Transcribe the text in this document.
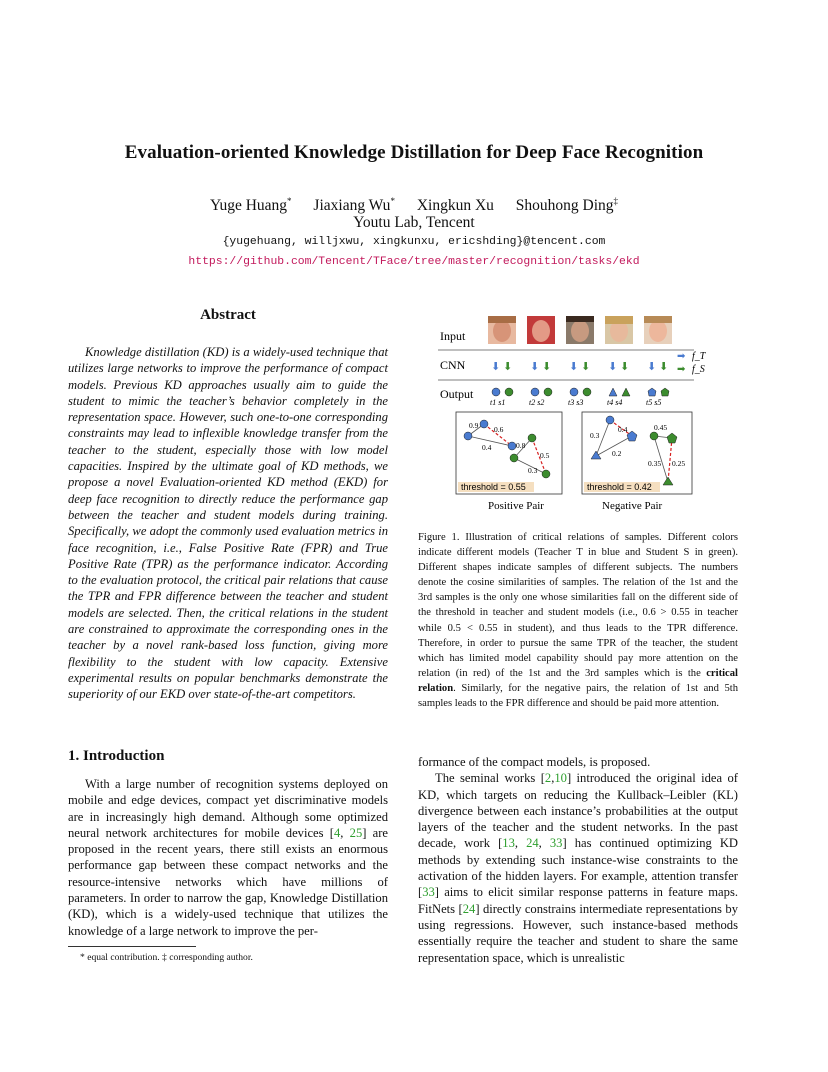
Evaluation-oriented Knowledge Distillation for Deep Face Recognition
Yuge Huang* Jiaxiang Wu* Xingkun Xu Shouhong Ding‡
Youtu Lab, Tencent
{yugehuang, willjxwu, xingkunxu, ericshding}@tencent.com
https://github.com/Tencent/TFace/tree/master/recognition/tasks/ekd
Abstract
Knowledge distillation (KD) is a widely-used technique that utilizes large networks to improve the performance of compact models. Previous KD approaches usually aim to guide the student to mimic the teacher’s behavior completely in the representation space. However, such one-to-one corresponding constraints may lead to inflexible knowledge transfer from the teacher to the student, especially those with low model capacities. Inspired by the ultimate goal of KD methods, we propose a novel Evaluation-oriented KD method (EKD) for deep face recognition to directly reduce the performance gap between the teacher and student models during training. Specifically, we adopt the commonly used evaluation metrics in face recognition, i.e., False Positive Rate (FPR) and True Positive Rate (TPR) as the performance indicator. According to the evaluation protocol, the critical pair relations that cause the TPR and FPR difference between the teacher and student models are selected. Then, the critical relations in the student are constrained to approximate the corresponding ones in the teacher by a novel rank-based loss function, giving more flexibility to the student with low capacity. Extensive experimental results on popular benchmarks demonstrate the superiority of our EKD over state-of-the-art competitors.
1. Introduction
With a large number of recognition systems deployed on mobile and edge devices, compact yet discriminative models are in increasingly high demand. Although some optimized neural network architectures for mobile devices [4, 25] are proposed in the recent years, there still exists an enormous performance gap between these compact networks and the resource-intensive networks which have millions of parameters. In order to narrow the gap, Knowledge Distillation (KD), which is a widely-used technique that utilizes the knowledge of a large network to improve the per-
* equal contribution. ‡ corresponding author.
Input
CNN
Output
⬇ ⬇ ⬇ ⬇ ⬇ ⬇ ⬇ ⬇ ⬇ ⬇
➡ f_T
➡ f_S
t1 s1	t2 s2	t3 s3	t4 s4	t5 s5
0.9 0.6
0.4	0.8
0.5
0.3
threshold = 0.55
Positive Pair
0.3
0.4	0.45
0.2
0.35 0.25
threshold = 0.42
Negative Pair
Figure 1. Illustration of critical relations of samples. Different colors indicate different models (Teacher T in blue and Student S in green). Different shapes indicate samples of different subjects. The numbers denote the cosine similarities of samples. The relation of the 1st and the 3rd samples is the only one whose similarities fall on the different side of the threshold in teacher and student models (i.e., 0.6 > 0.55 in teacher while 0.5 < 0.55 in student), and thus leads to the TPR difference. Therefore, in order to pursue the same TPR of the teacher, the student which has limited model capability should pay more attention on the relation (in red) of the 1st and the 3rd samples which is the critical relation. Similarly, for the negative pairs, the relation of 1st and 5th samples leads to the FPR difference and should be paid more attention.
formance of the compact models, is proposed.
The seminal works [2,10] introduced the original idea of KD, which targets on reducing the Kullback–Leibler (KL) divergence between each instance’s probabilities at the output layers of the teacher and the student networks. In the past decade, work [13, 24, 33] has continued optimizing KD methods by extending such instance-wise constraints to the activation of the hidden layers. For example, attention transfer [33] aims to elicit similar response patterns in feature maps. FitNets [24] directly constrains intermediate representations by using regressions. However, such instance-based methods essentially require the teacher and student to share the same representation space, which is unrealistic
